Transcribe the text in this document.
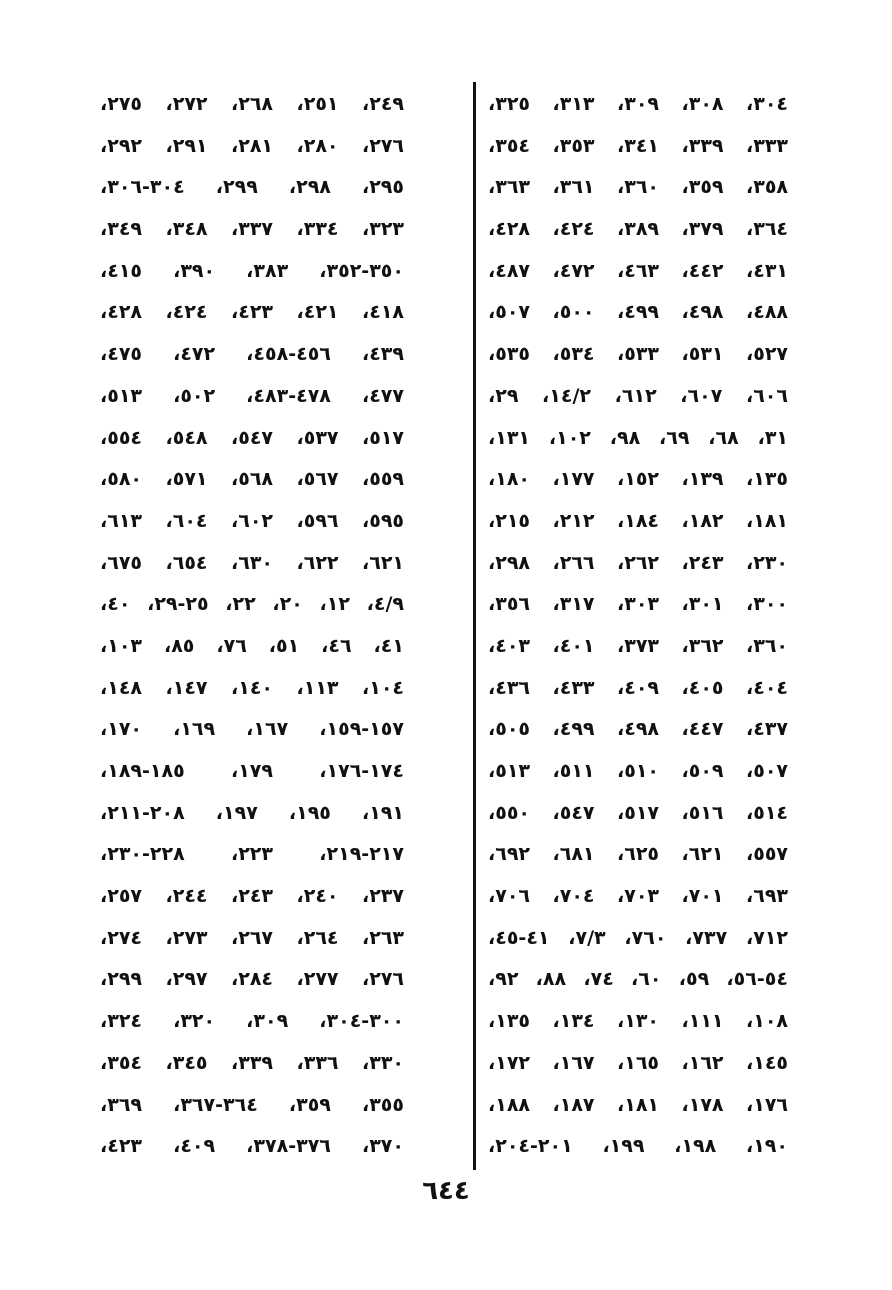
٣٠٤، ٣٠٨، ٣٠٩، ٣١٣، ٣٢٥،
٣٣٣، ٣٣٩، ٣٤١، ٣٥٣، ٣٥٤،
٣٥٨، ٣٥٩، ٣٦٠، ٣٦١، ٣٦٣،
٣٦٤، ٣٧٩، ٣٨٩، ٤٢٤، ٤٢٨،
٤٣١، ٤٤٢، ٤٦٣، ٤٧٢، ٤٨٧،
٤٨٨، ٤٩٨، ٤٩٩، ٥٠٠، ٥٠٧،
٥٢٧، ٥٣١، ٥٣٣، ٥٣٤، ٥٣٥،
٦٠٦، ٦٠٧، ٦١٢، ١٤/٢، ٢٩،
٣١، ٦٨، ٦٩، ٩٨، ١٠٢، ١٣١،
١٣٥، ١٣٩، ١٥٢، ١٧٧، ١٨٠،
١٨١، ١٨٢، ١٨٤، ٢١٢، ٢١٥،
٢٣٠، ٢٤٣، ٢٦٢، ٢٦٦، ٢٩٨،
٣٠٠، ٣٠١، ٣٠٣، ٣١٧، ٣٥٦،
٣٦٠، ٣٦٢، ٣٧٣، ٤٠١، ٤٠٣،
٤٠٤، ٤٠٥، ٤٠٩، ٤٣٣، ٤٣٦،
٤٣٧، ٤٤٧، ٤٩٨، ٤٩٩، ٥٠٥،
٥٠٧، ٥٠٩، ٥١٠، ٥١١، ٥١٣،
٥١٤، ٥١٦، ٥١٧، ٥٤٧، ٥٥٠،
٥٥٧، ٦٢١، ٦٢٥، ٦٨١، ٦٩٢،
٦٩٣، ٧٠١، ٧٠٣، ٧٠٤، ٧٠٦،
٧١٢، ٧٣٧، ٧٦٠، ٧/٣، ٤١-٤٥،
٥٤-٥٦، ٥٩، ٦٠، ٧٤، ٨٨، ٩٢،
١٠٨، ١١١، ١٣٠، ١٣٤، ١٣٥،
١٤٥، ١٦٢، ١٦٥، ١٦٧، ١٧٢،
١٧٦، ١٧٨، ١٨١، ١٨٧، ١٨٨،
١٩٠، ١٩٨، ١٩٩، ٢٠١-٢٠٤،
٢٤٩، ٢٥١، ٢٦٨، ٢٧٢، ٢٧٥،
٢٧٦، ٢٨٠، ٢٨١، ٢٩١، ٢٩٢،
٢٩٥، ٢٩٨، ٢٩٩، ٣٠٤-٣٠٦،
٣٢٣، ٣٣٤، ٣٣٧، ٣٤٨، ٣٤٩،
٣٥٠-٣٥٢، ٣٨٣، ٣٩٠، ٤١٥،
٤١٨، ٤٢١، ٤٢٣، ٤٢٤، ٤٢٨،
٤٣٩، ٤٥٦-٤٥٨، ٤٧٢، ٤٧٥،
٤٧٧، ٤٧٨-٤٨٣، ٥٠٢، ٥١٣،
٥١٧، ٥٣٧، ٥٤٧، ٥٤٨، ٥٥٤،
٥٥٩، ٥٦٧، ٥٦٨، ٥٧١، ٥٨٠،
٥٩٥، ٥٩٦، ٦٠٢، ٦٠٤، ٦١٣،
٦٢١، ٦٢٢، ٦٣٠، ٦٥٤، ٦٧٥،
٤/٩، ١٢، ٢٠، ٢٢، ٢٥-٢٩، ٤٠،
٤١، ٤٦، ٥١، ٧٦، ٨٥، ١٠٣،
١٠٤، ١١٣، ١٤٠، ١٤٧، ١٤٨،
١٥٧-١٥٩، ١٦٧، ١٦٩، ١٧٠،
١٧٤-١٧٦، ١٧٩، ١٨٥-١٨٩،
١٩١، ١٩٥، ١٩٧، ٢٠٨-٢١١،
٢١٧-٢١٩، ٢٢٣، ٢٢٨-٢٣٠،
٢٣٧، ٢٤٠، ٢٤٣، ٢٤٤، ٢٥٧،
٢٦٣، ٢٦٤، ٢٦٧، ٢٧٣، ٢٧٤،
٢٧٦، ٢٧٧، ٢٨٤، ٢٩٧، ٢٩٩،
٣٠٠-٣٠٤، ٣٠٩، ٣٢٠، ٣٢٤،
٣٣٠، ٣٣٦، ٣٣٩، ٣٤٥، ٣٥٤،
٣٥٥، ٣٥٩، ٣٦٤-٣٦٧، ٣٦٩،
٣٧٠، ٣٧٦-٣٧٨، ٤٠٩، ٤٢٣،
٦٤٤
